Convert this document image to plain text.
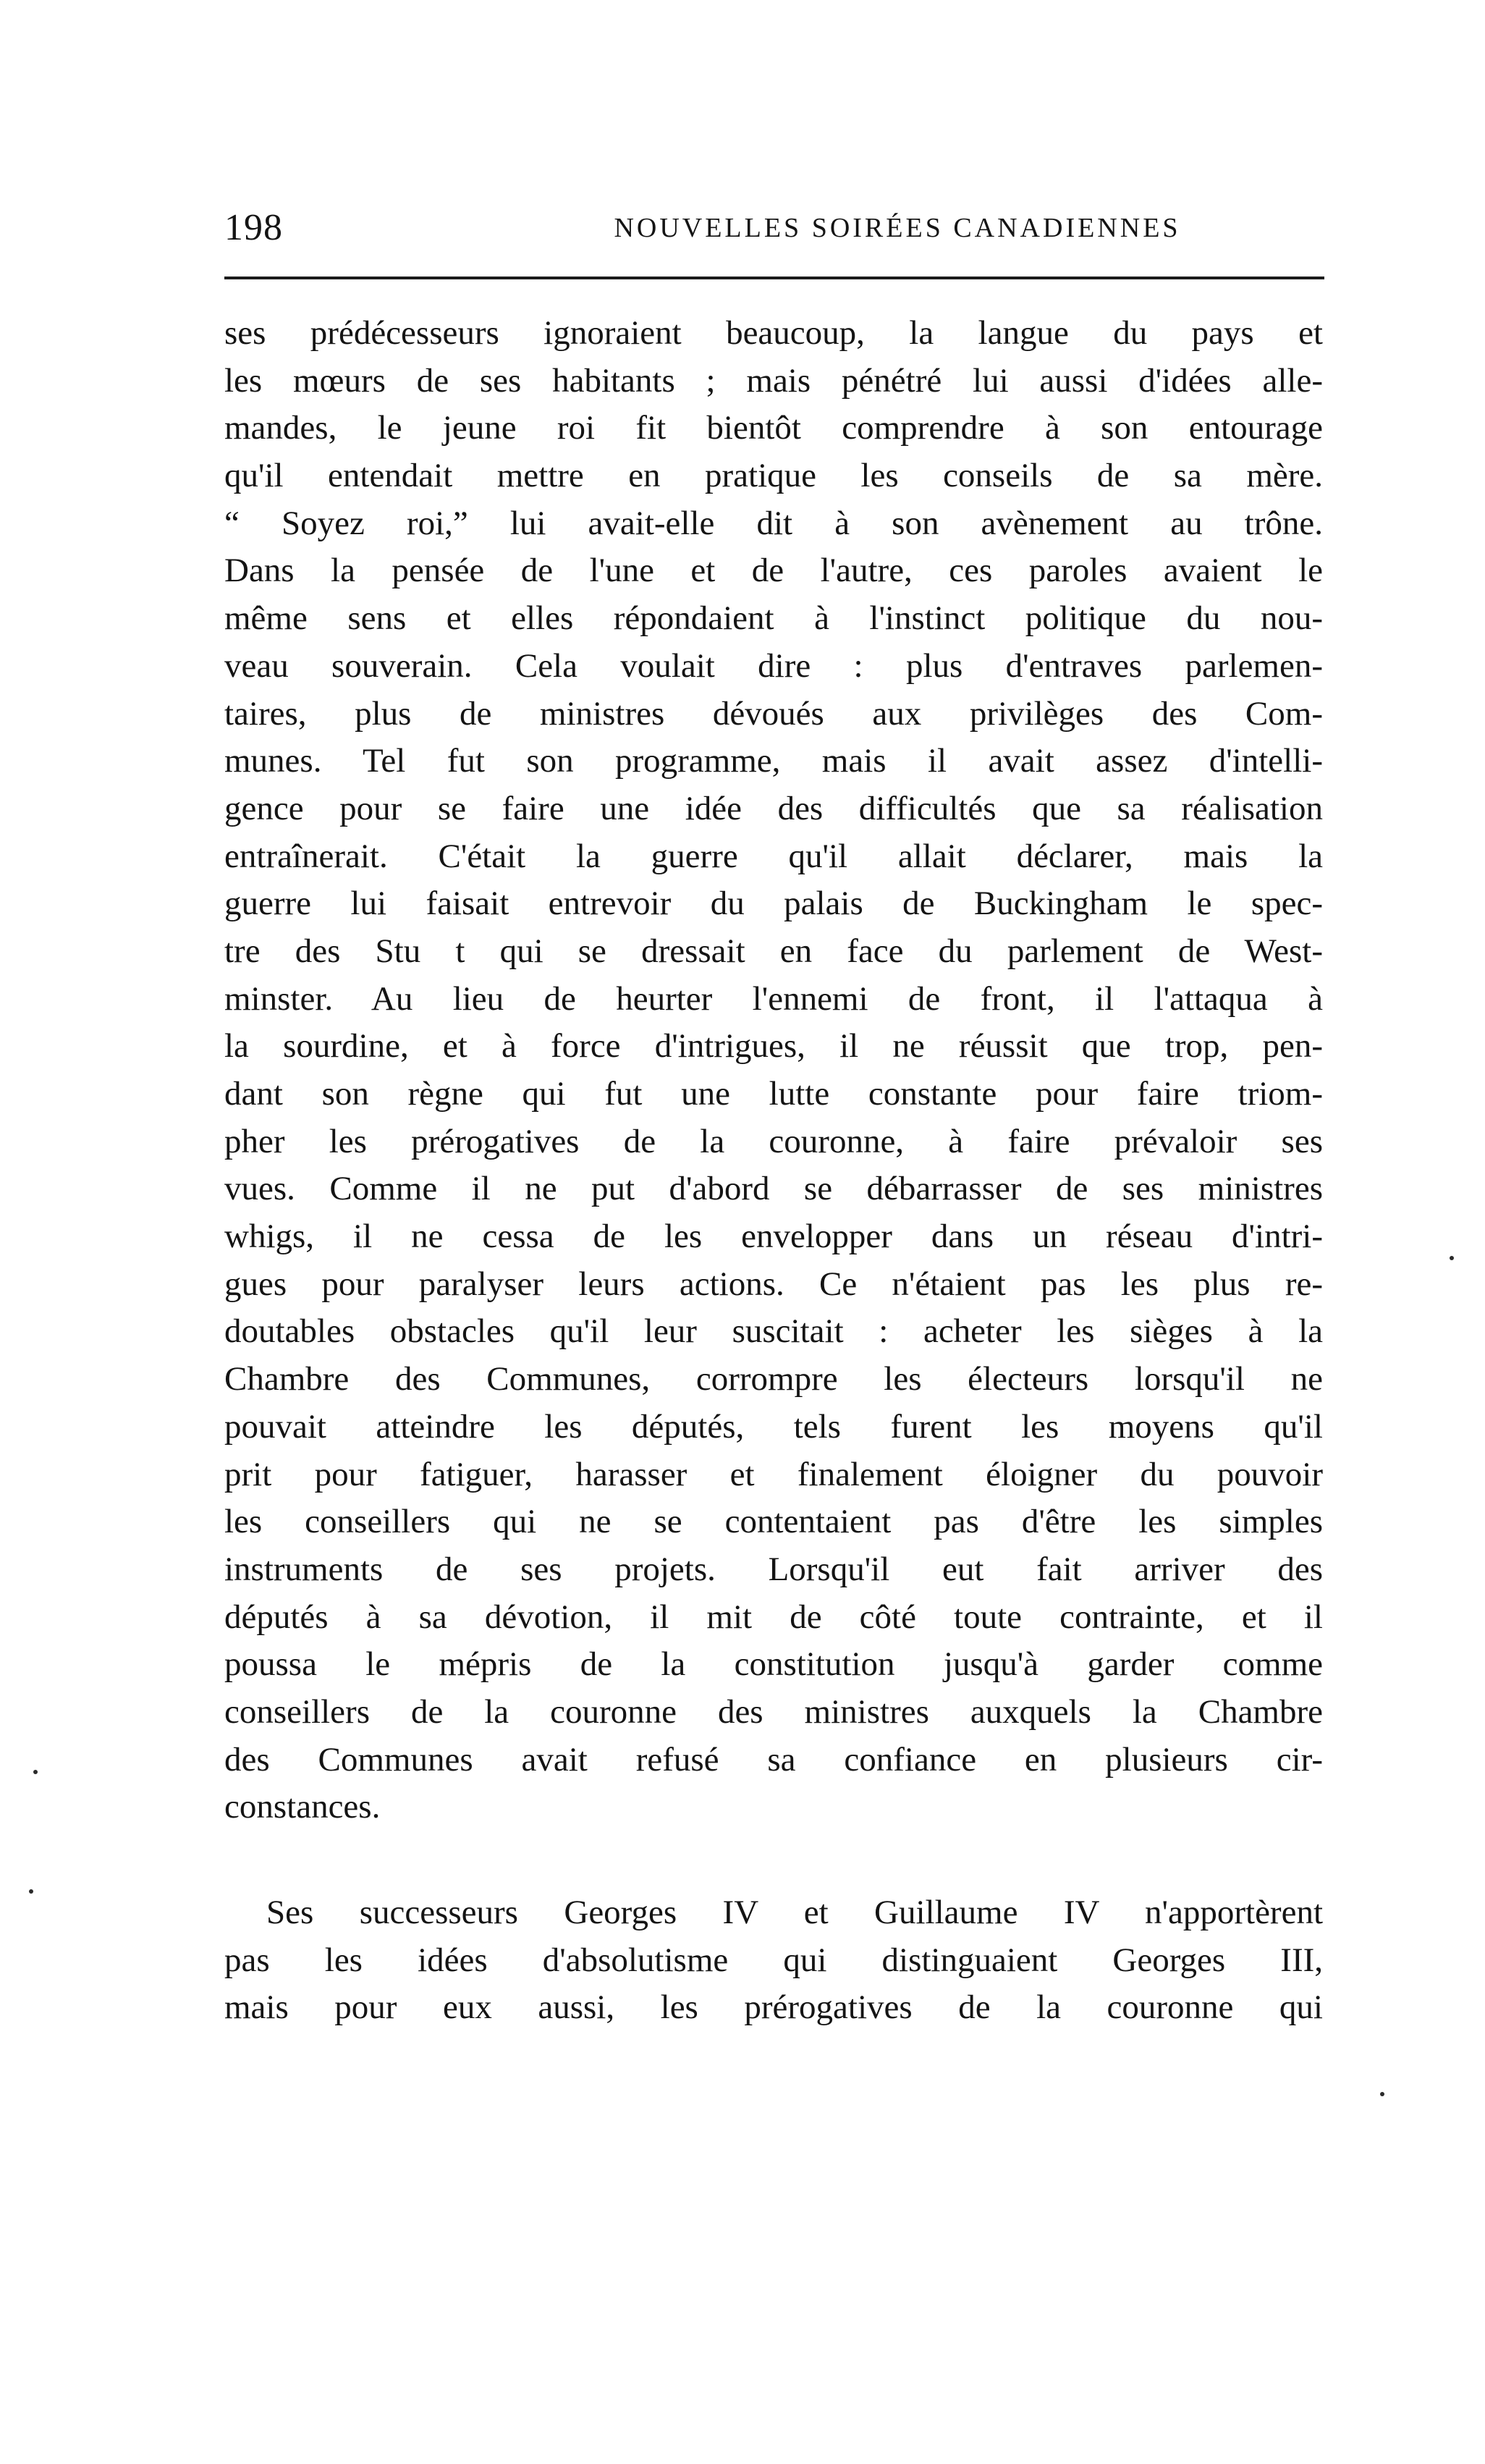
198	NOUVELLES SOIRÉES CANADIENNES
ses prédécesseurs ignoraient beaucoup, la langue du pays et
les mœurs de ses habitants ; mais pénétré lui aussi d'idées alle-
mandes, le jeune roi fit bientôt comprendre à son entourage
qu'il entendait mettre en pratique les conseils de sa mère.
“ Soyez roi,” lui avait-elle dit à son avènement au trône.
Dans la pensée de l'une et de l'autre, ces paroles avaient le
même sens et elles répondaient à l'instinct politique du nou-
veau souverain. Cela voulait dire : plus d'entraves parlemen-
taires, plus de ministres dévoués aux privilèges des Com-
munes. Tel fut son programme, mais il avait assez d'intelli-
gence pour se faire une idée des difficultés que sa réalisation
entraînerait. C'était la guerre qu'il allait déclarer, mais la
guerre lui faisait entrevoir du palais de Buckingham le spec-
tre des Stu t qui se dressait en face du parlement de West-
minster. Au lieu de heurter l'ennemi de front, il l'attaqua à
la sourdine, et à force d'intrigues, il ne réussit que trop, pen-
dant son règne qui fut une lutte constante pour faire triom-
pher les prérogatives de la couronne, à faire prévaloir ses
vues. Comme il ne put d'abord se débarrasser de ses ministres
whigs, il ne cessa de les envelopper dans un réseau d'intri-
gues pour paralyser leurs actions. Ce n'étaient pas les plus re-
doutables obstacles qu'il leur suscitait : acheter les sièges à la
Chambre des Communes, corrompre les électeurs lorsqu'il ne
pouvait atteindre les députés, tels furent les moyens qu'il
prit pour fatiguer, harasser et finalement éloigner du pouvoir
les conseillers qui ne se contentaient pas d'être les simples
instruments de ses projets. Lorsqu'il eut fait arriver des
députés à sa dévotion, il mit de côté toute contrainte, et il
poussa le mépris de la constitution jusqu'à garder comme
conseillers de la couronne des ministres auxquels la Chambre
des Communes avait refusé sa confiance en plusieurs cir-
constances.
Ses successeurs Georges IV et Guillaume IV n'apportèrent
pas les idées d'absolutisme qui distinguaient Georges III,
mais pour eux aussi, les prérogatives de la couronne qui
